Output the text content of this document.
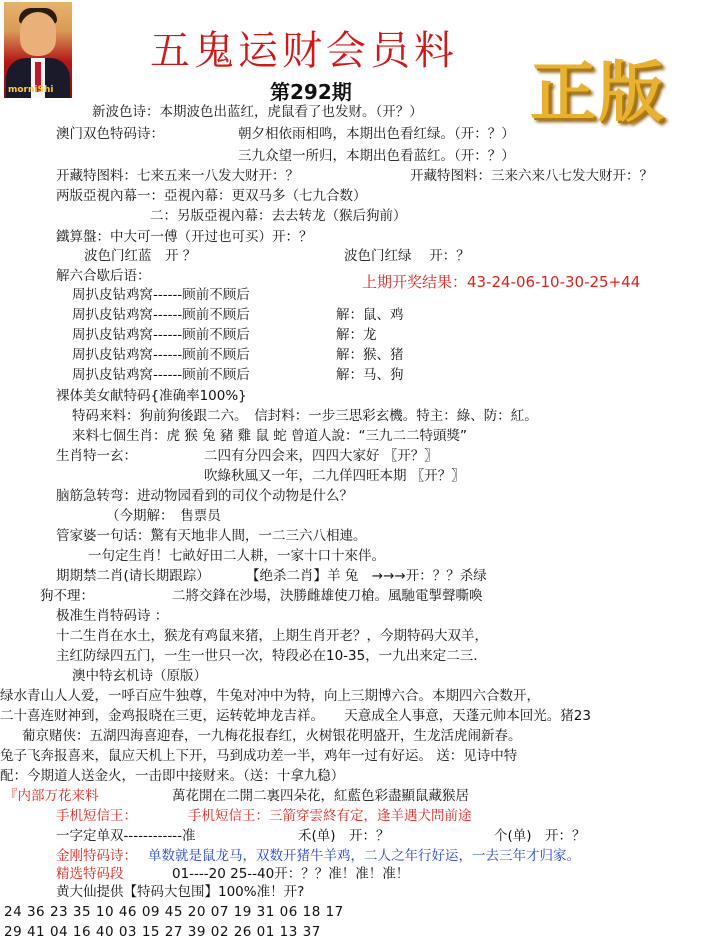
morniShi
五鬼运财会员料
第292期	正版
新波色诗：本期波色出蓝红，虎鼠看了也发财。（开？）
澳门双色特码诗：	朝夕相依雨相鸣，本期出色看红绿。（开：？）
三九众望一所归，本期出色看蓝红。（开：？）
开藏特图料：七来五来一八发大财开：？	开藏特图料：三来六来八七发大财开：？
两版亞視內幕一：亞視內幕：更双马多（七九合数）
二：另版亞視內幕：去去转龙（猴后狗前）
鐵算盤：中大可一傅（开过也可买）开：？
波色门红蓝　开 ？	波色门红绿　 开：？
解六合歇后语：
周扒皮钻鸡窝------顾前不顾后
周扒皮钻鸡窝------顾前不顾后	解：鼠、鸡
周扒皮钻鸡窝------顾前不顾后	解：龙
周扒皮钻鸡窝------顾前不顾后	解：猴、猪
周扒皮钻鸡窝------顾前不顾后	解：马、狗
裸体美女献特码{准确率100%}
特码来料：狗前狗後跟二六。　信封料：一步三思彩玄機。特主：綠、防：紅。
来料七個生肖：虎 猴 兔 豬 雞 鼠 蛇 曾道人說：“三九二二特頭獎”
生肖特一玄：	二四有分四会来，四四大家好 〖开？〗
吹綠秋風又一年，二九佯四旺本期 〖开？〗
脑筋急转弯：进动物园看到的司仪个动物是什么？
（今期解：　售票员
管家婆一句话：驚有天地非人間，一二三六八相連。
一句定生肖！七畝好田二人耕，一家十口十來伴。
期期禁二肖(请长期跟踪）	【绝杀二肖】羊 兔　→→→开：？？杀绿
狗不理：	二將交鋒在沙場，決勝雌雄使刀槍。風馳電掣聲嘶喚
极准生肖特码诗 ：
十二生肖在水土，猴龙有鸡鼠来猪，上期生肖开老？，今期特码大双羊，
主红防绿四五门，一生一世只一次，特段必在10-35，一九出来定二三.
澳中特玄机诗（原版）
绿水青山人人爱，一呼百应牛独尊，牛兔对冲中为特，向上三期博六合。本期四六合数开，
二十喜连财神到，金鸡报晓在三更，运转乾坤龙吉祥。　　天意成全人事意，天蓬元帅本回光。猪23
葡京赌侠：五湖四海喜迎春，一九梅花报春红，火树银花明盛开，生龙活虎闹新春。
兔子飞奔报喜来，鼠应天机上下开，马到成功差一半，鸡年一过有好运。 送：见诗中特
配：今期道人送金火，一击即中接财来。（送：十拿九稳）
萬花開在二開二裏四朵花，紅藍色彩盡顯鼠藏猴居
一字定单双------------准	禾(单)　开：？	个(单)　开：？
01----20 25--40开：？？准！准！准！
黄大仙提供【特码大包围】100%准！开?
上期开奖结果：43-24-06-10-30-25+44
『内部万花来料
手机短信王：	手机短信王：三箭穿雲終有定，逢羊遇犬問前途
金刚特码诗：
精选特码段
单数就是鼠龙马，双数开猪牛羊鸡，二人之年行好运，一去三年才归家。
24 36 23 35 10 46 09 45 20 07 19 31 06 18 17
29 41 04 16 40 03 15 27 39 02 26 01 13 37
